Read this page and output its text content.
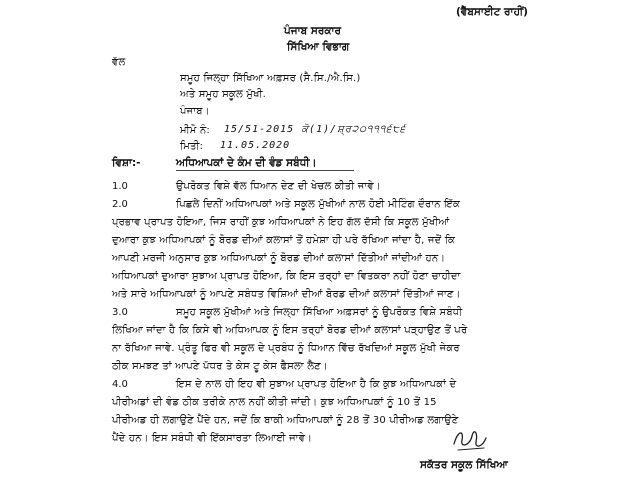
(ਵੈੱਬਸਾਈਟ ਰਾਹੀਂ)
ਪੰਜਾਬ ਸਰਕਾਰ
ਸਿੱਖਿਆ ਵਿਭਾਗ
ਵੱਲ
ਸਮੂਹ ਜਿਲ੍ਹਾ ਸਿੱਖਿਆ ਅਫ਼ਸਰ (ਸੈ.ਸਿ./ਐ.ਸਿ.)
ਅਤੇ ਸਮੂਹ ਸਕੂਲ ਮੁੱਖੀ.
ਪੰਜਾਬ।
ਮੀਮੋ ਨੰ: 15/51-2015 ਕੋ(1)/ਸ਼੍ਰ੨੦੧੧੧੬੮੬
ਮਿਤੀ: 11.05.2020
ਵਿਸ਼ਾ:-	ਅਧਿਆਪਕਾਂ ਦੇ ਕੰਮ ਦੀ ਵੰਡ ਸਬੰਧੀ।
1.0	ਉਪਰੋਕਤ ਵਿਸ਼ੇ ਵੱਲ ਧਿਆਨ ਦੇਣ ਦੀ ਖੇਚਲ ਕੀਤੀ ਜਾਵੇ।
2.0	ਪਿਛਲੇ ਦਿਨੀਂ ਅਧਿਆਪਕਾਂ ਅਤੇ ਸਕੂਲ ਮੁੱਖੀਆਂ ਨਾਲ ਹੋਈ ਮੀਟਿੰਗ ਦੌਰਾਨ ਇੱਕ
ਪ੍ਰਭਾਵ ਪ੍ਰਾਪਤ ਹੋਇਆ, ਜਿਸ ਰਾਹੀਂ ਕੁਝ ਅਧਿਆਪਕਾਂ ਨੇ ਇਹ ਗੱਲ ਦੱਸੀ ਕਿ ਸਕੂਲ ਮੁੱਖੀਆਂ
ਦੁਆਰਾ ਕੁਝ ਅਧਿਆਪਕਾਂ ਨੂੰ ਬੋਰਡ ਦੀਆਂ ਕਲਾਸਾਂ ਤੋਂ ਹਮੇਸ਼ਾ ਹੀ ਪਰੇ ਰੱਖਿਆ ਜਾਂਦਾ ਹੈ, ਜਦੋਂ ਕਿ
ਆਪਣੀ ਮਰਜੀ ਅਨੁਸਾਰ ਕੁਝ ਅਧਿਆਪਕਾਂ ਨੂੰ ਬੋਰਡ ਦੀਆਂ ਕਲਾਸਾਂ ਦਿੱਤੀਆਂ ਜਾਂਦੀਆਂ ਹਨ।
ਅਧਿਆਪਕਾਂ ਦੁਆਰਾ ਸੁਝਾਅ ਪ੍ਰਾਪਤ ਹੋਇਆ, ਕਿ ਇਸ ਤਰ੍ਹਾਂ ਦਾ ਵਿਤਕਰਾ ਨਹੀਂ ਹੋਣਾ ਚਾਹੀਦਾ
ਅਤੇ ਸਾਰੇ ਅਧਿਆਪਕਾਂ ਨੂੰ ਆਪਣੇ ਸਬੰਧਤ ਵਿਸ਼ਿਆਂ ਦੀਆਂ ਬੋਰਡ ਦੀਆਂ ਕਲਾਸਾਂ ਦਿੱਤੀਆਂ ਜਾਣ।
3.0	ਸਮੂਹ ਸਕੂਲ ਮੁੱਖੀਆਂ ਅਤੇ ਜਿਲ੍ਹਾ ਸਿੱਖਿਆ ਅਫ਼ਸਰਾਂ ਨੂੰ ਉਪਰੋਕਤ ਵਿਸ਼ੇ ਸਬੰਧੀ
ਲਿਖਿਆ ਜਾਂਦਾ ਹੈ ਕਿ ਕਿਸੇ ਵੀ ਅਧਿਆਪਕ ਨੂੰ ਇਸ ਤਰ੍ਹਾਂ ਬੋਰਡ ਦੀਆਂ ਕਲਾਸਾਂ ਪੜ੍ਹਾਉਣ ਤੋਂ ਪਰੇ
ਨਾ ਰੱਖਿਆ ਜਾਵੇ. ਪ੍ਰੰਤੂ ਫਿਰ ਵੀ ਸਕੂਲ ਦੇ ਪ੍ਰਬੰਧ ਨੂੰ ਧਿਆਨ ਵਿੱਚ ਰੱਖਦਿਆਂ ਸਕੂਲ ਮੁੱਖੀ ਜੇਕਰ
ਠੀਕ ਸਮਝਣ ਤਾਂ ਆਪਣੇ ਪੱਧਰ ਤੇ ਕੇਸ ਟੂ ਕੇਸ ਫੈਸਲਾ ਲੈਣ।
4.0	ਇਸ ਦੇ ਨਾਲ ਹੀ ਇਹ ਵੀ ਸੁਝਾਅ ਪ੍ਰਾਪਤ ਹੋਇਆ ਹੈ ਕਿ ਕੁਝ ਅਧਿਆਪਕਾਂ ਦੇ
ਪੀਰੀਅਡਾਂ ਦੀ ਵੰਡ ਠੀਕ ਤਰੀਕੇ ਨਾਲ ਨਹੀਂ ਕੀਤੀ ਜਾਂਦੀ। ਕੁਝ ਅਧਿਆਪਕਾਂ ਨੂੰ 10 ਤੋਂ 15
ਪੀਰੀਅਡ ਹੀ ਲਗਾਉਣੇ ਪੈਂਦੇ ਹਨ, ਜਦੋਂ ਕਿ ਬਾਕੀ ਅਧਿਆਪਕਾਂ ਨੂੰ 28 ਤੋਂ 30 ਪੀਰੀਅਡ ਲਗਾਉਣੇ
ਪੈਂਦੇ ਹਨ। ਇਸ ਸਬੰਧੀ ਵੀ ਇੱਕਸਾਰਤਾ ਲਿਆਈ ਜਾਵੇ।
ਸਕੱਤਰ ਸਕੂਲ ਸਿੱਖਿਆ
